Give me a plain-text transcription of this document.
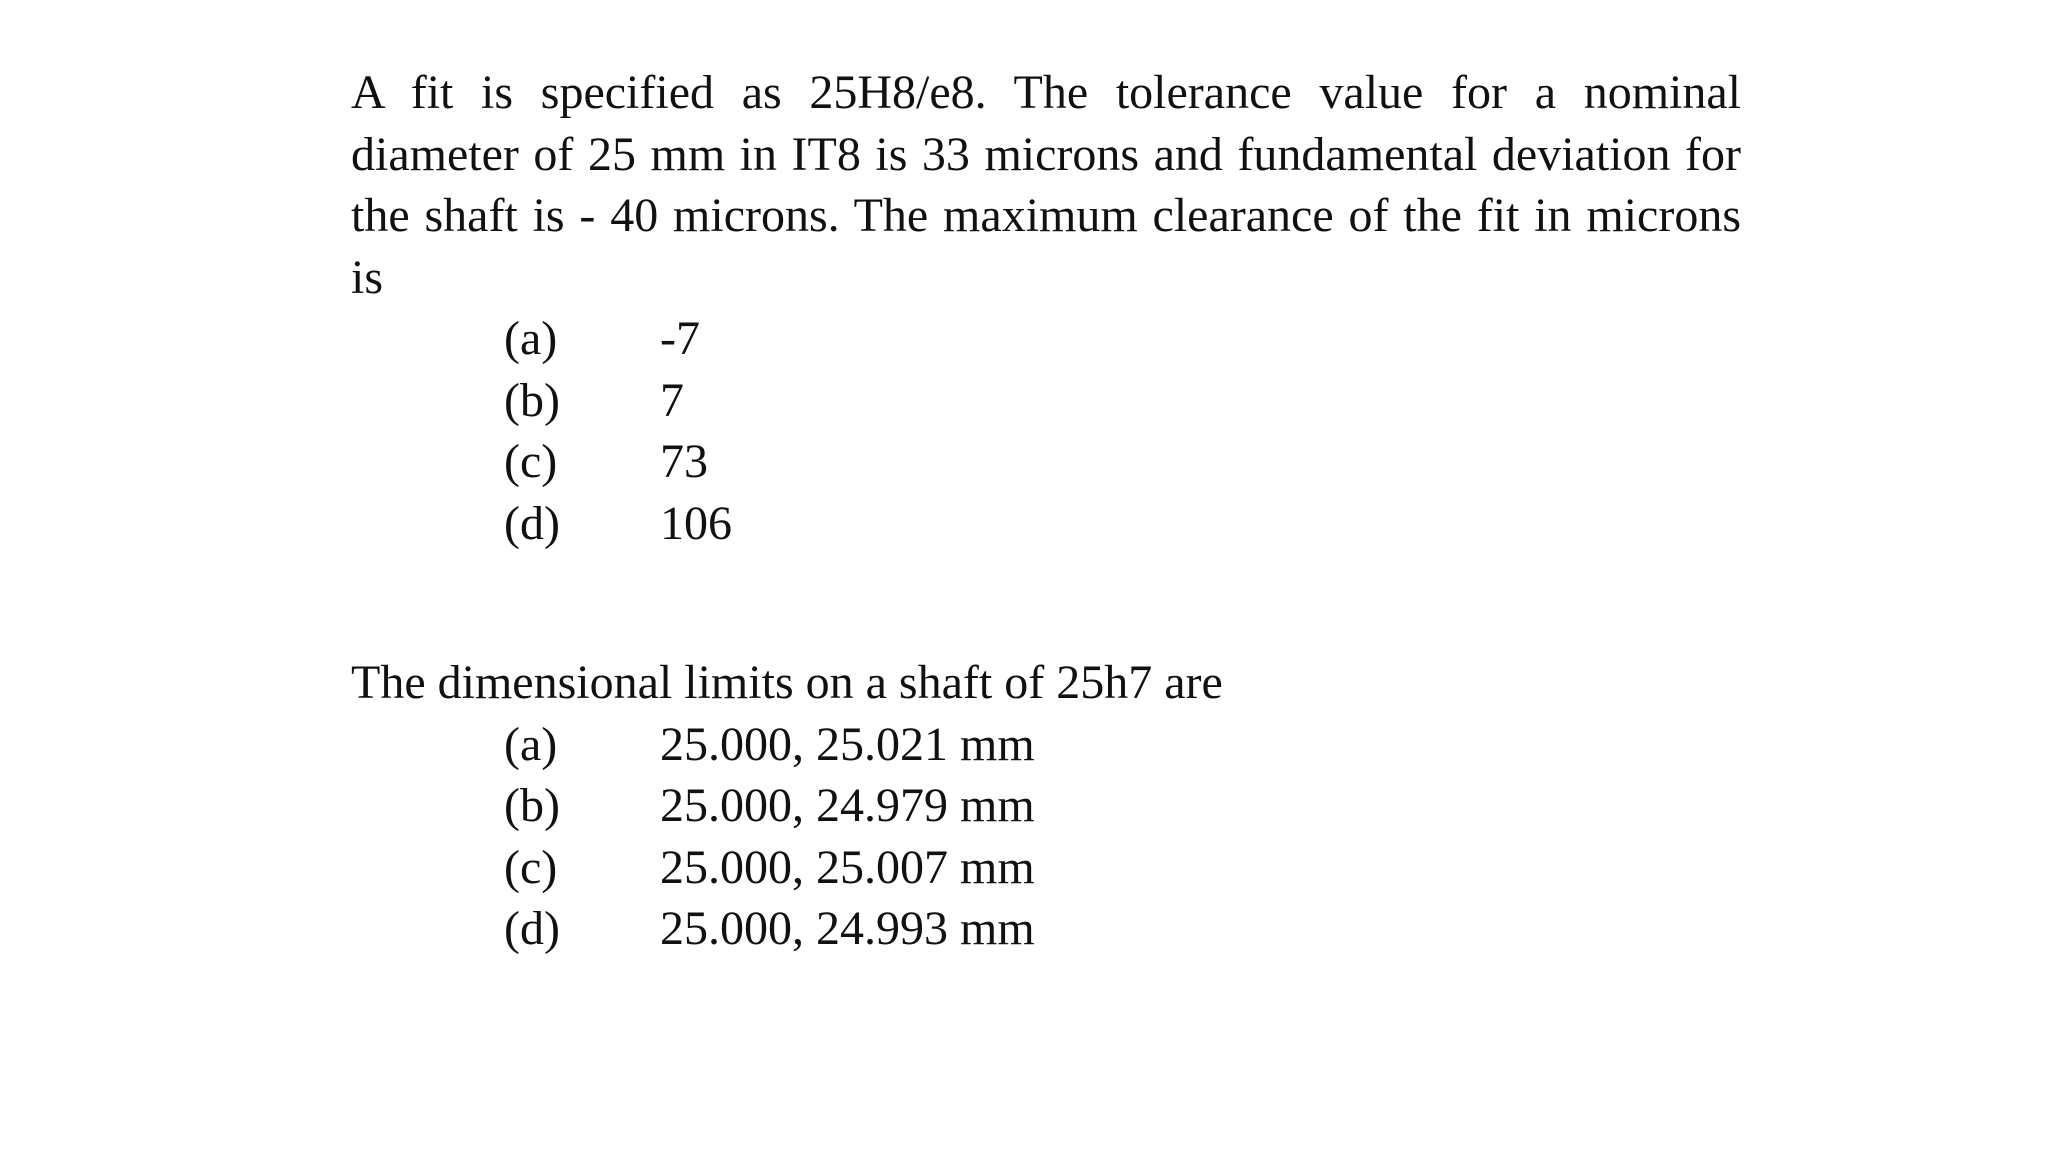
A fit is specified as 25H8/e8. The tolerance value for a nominal diameter of 25 mm in IT8 is 33 microns and fundamental deviation for the shaft is - 40 microns. The maximum clearance of the fit in microns is

(a) -7
(b) 7
(c) 73
(d) 106

The dimensional limits on a shaft of 25h7 are

(a) 25.000, 25.021 mm
(b) 25.000, 24.979 mm
(c) 25.000, 25.007 mm
(d) 25.000, 24.993 mm
